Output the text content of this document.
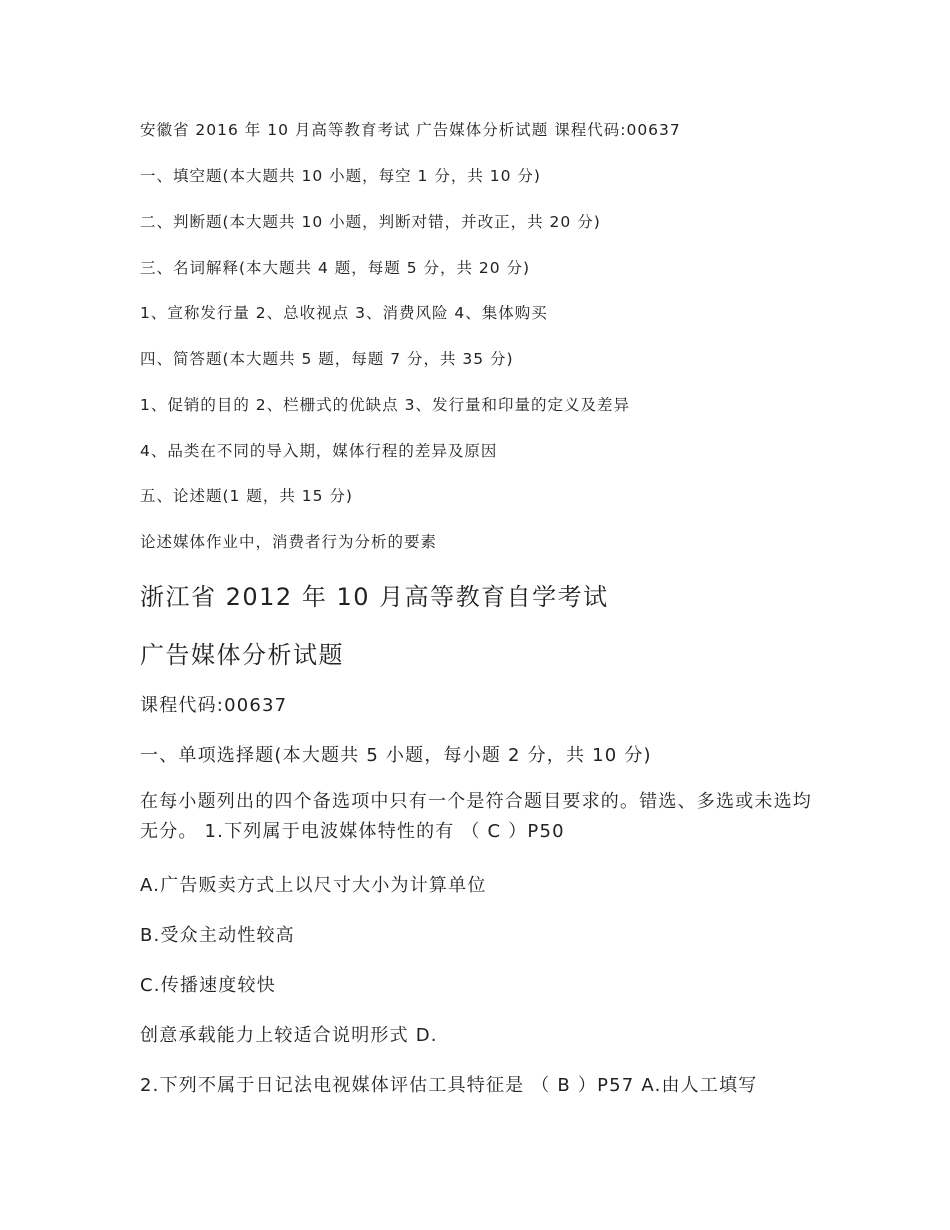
安徽省 2016 年 10 月高等教育考试 广告媒体分析试题 课程代码:00637
一、填空题(本大题共 10 小题，每空 1 分，共 10 分)
二、判断题(本大题共 10 小题，判断对错，并改正，共 20 分)
三、名词解释(本大题共 4 题，每题 5 分，共 20 分)
1、宣称发行量 2、总收视点 3、消费风险 4、集体购买
四、简答题(本大题共 5 题，每题 7 分，共 35 分)
1、促销的目的 2、栏栅式的优缺点 3、发行量和印量的定义及差异
4、品类在不同的导入期，媒体行程的差异及原因
五、论述题(1 题，共 15 分)
论述媒体作业中，消费者行为分析的要素
浙江省 2012 年 10 月高等教育自学考试
广告媒体分析试题
课程代码:00637
一、单项选择题(本大题共 5 小题，每小题 2 分，共 10 分)
在每小题列出的四个备选项中只有一个是符合题目要求的。错选、多选或未选均无分。 1.下列属于电波媒体特性的有 （ C ）P50
A.广告贩卖方式上以尺寸大小为计算单位
B.受众主动性较高
C.传播速度较快
创意承载能力上较适合说明形式 D.
2.下列不属于日记法电视媒体评估工具特征是 （ B ）P57 A.由人工填写
